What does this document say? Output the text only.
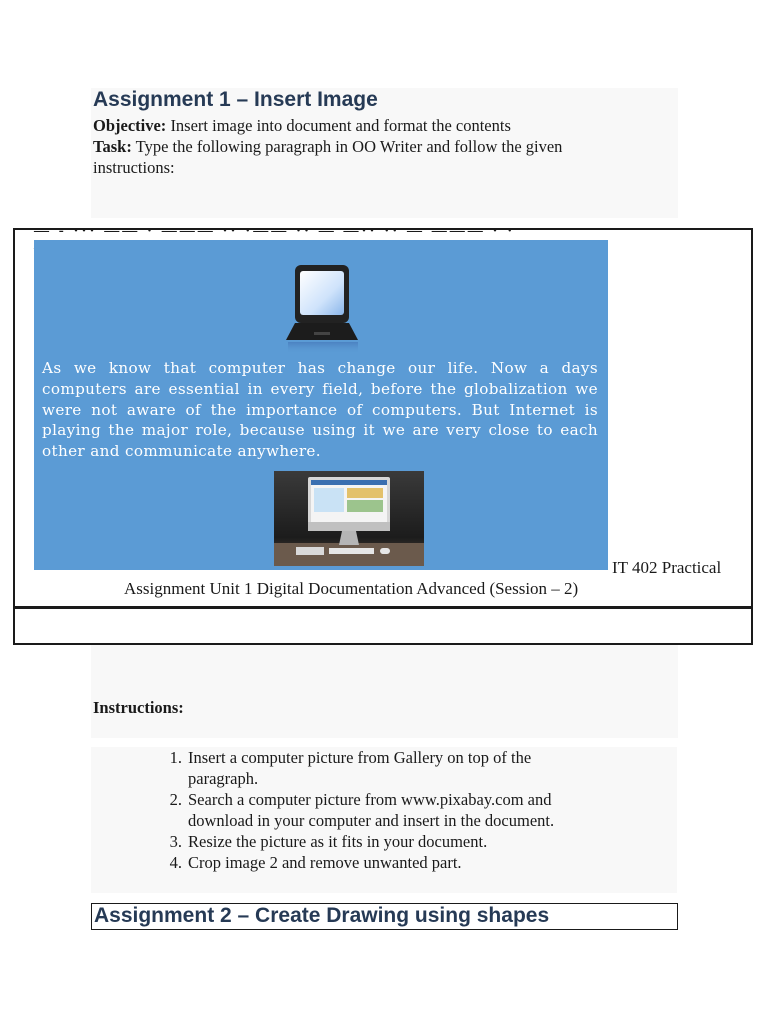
Assignment 1 – Insert Image
Objective: Insert image into document and format the contents
Task: Type the following paragraph in OO Writer and follow the given
instructions:
— - ··· —— · ——— ·· ·—— ·· — —·· ·· — ——— · ·
As we know that computer has change our life. Now a days computers are essential in every field, before the globalization we were not aware of the importance of computers. But Internet is playing the major role, because using it we are very close to each other and communicate anywhere.
IT 402 Practical
Assignment Unit 1 Digital Documentation Advanced (Session – 2)
Instructions:
1. Insert a computer picture from Gallery on top of the
paragraph.
2. Search a computer picture from www.pixabay.com and
download in your computer and insert in the document.
3. Resize the picture as it fits in your document.
4. Crop image 2 and remove unwanted part.
Assignment 2 – Create Drawing using shapes
